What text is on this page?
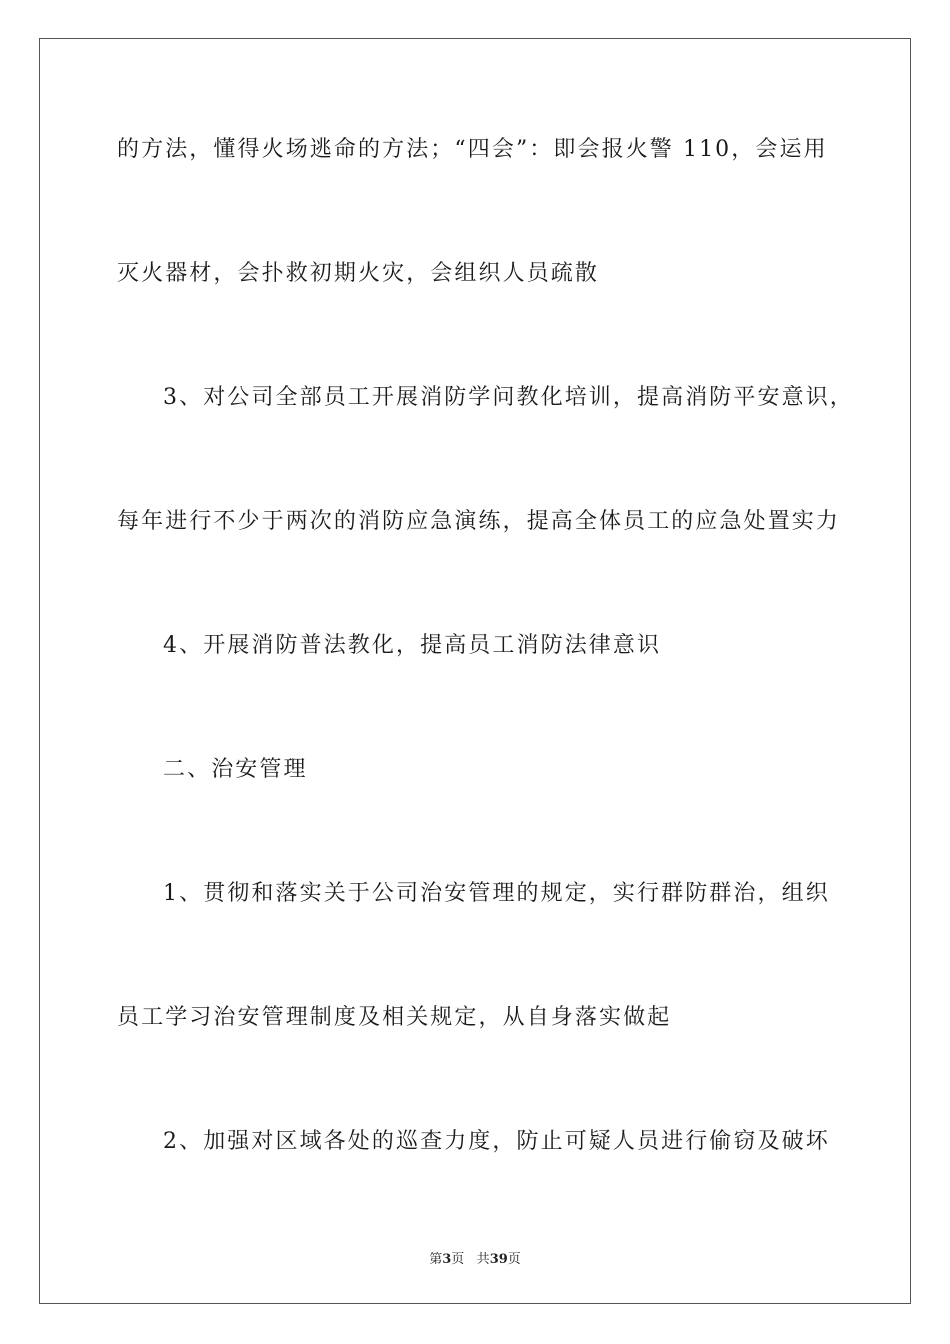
的方法，懂得火场逃命的方法；“四会”：即会报火警 110，会运用
灭火器材，会扑救初期火灾，会组织人员疏散
3、对公司全部员工开展消防学问教化培训，提高消防平安意识，
每年进行不少于两次的消防应急演练，提高全体员工的应急处置实力
4、开展消防普法教化，提高员工消防法律意识
二、治安管理
1、贯彻和落实关于公司治安管理的规定，实行群防群治，组织
员工学习治安管理制度及相关规定，从自身落实做起
2、加强对区域各处的巡查力度，防止可疑人员进行偷窃及破坏
第3页 共39页
